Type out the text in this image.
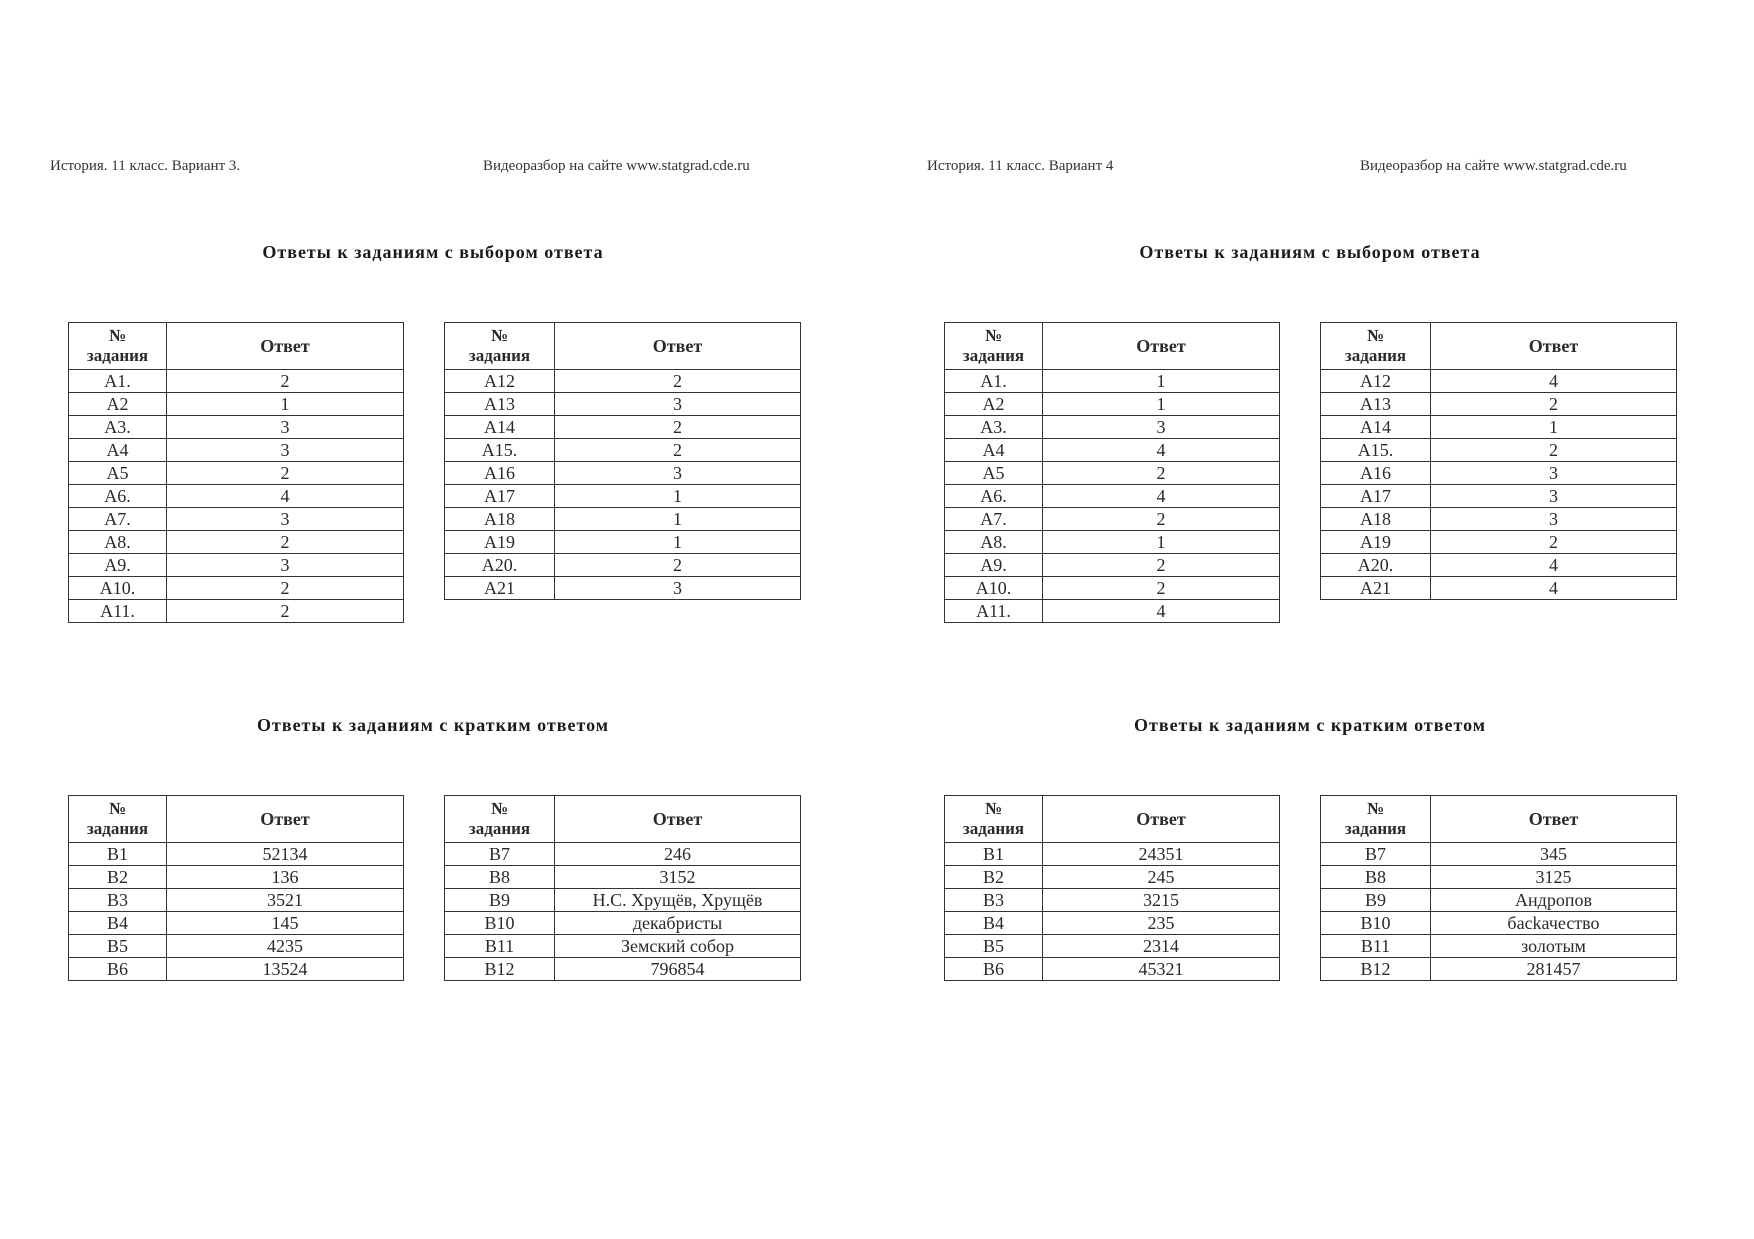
История. 11 класс. Вариант 3.	Видеоразбор на сайте www.statgrad.cde.ru
Ответы к заданиям с выбором ответа
Ответы к заданиям с кратким ответом
№
задания	Ответ
A1.	2
A2	1
A3.	3
A4	3
A5	2
A6.	4
A7.	3
A8.	2
A9.	3
A10.	2
A11.	2
№
задания	Ответ
A12	2
A13	3
A14	2
A15.	2
A16	3
A17	1
A18	1
A19	1
A20.	2
A21	3
№
задания	Ответ
B1	52134
B2	136
B3	3521
B4	145
B5	4235
B6	13524
№
задания	Ответ
B7	246
B8	3152
B9	Н.С. Хрущёв, Хрущёв
B10	декабристы
B11	Земский собор
B12	796854
История. 11 класс. Вариант 4	Видеоразбор на сайте www.statgrad.cde.ru
Ответы к заданиям с выбором ответа
Ответы к заданиям с кратким ответом
№
задания	Ответ
A1.	1
A2	1
A3.	3
A4	4
A5	2
A6.	4
A7.	2
A8.	1
A9.	2
A10.	2
A11.	4
№
задания	Ответ
A12	4
A13	2
A14	1
A15.	2
A16	3
A17	3
A18	3
A19	2
A20.	4
A21	4
№
задания	Ответ
B1	24351
B2	245
B3	3215
B4	235
B5	2314
B6	45321
№
задания	Ответ
B7	345
B8	3125
B9	Андропов
B10	басkачество
B11	золотым
B12	281457
